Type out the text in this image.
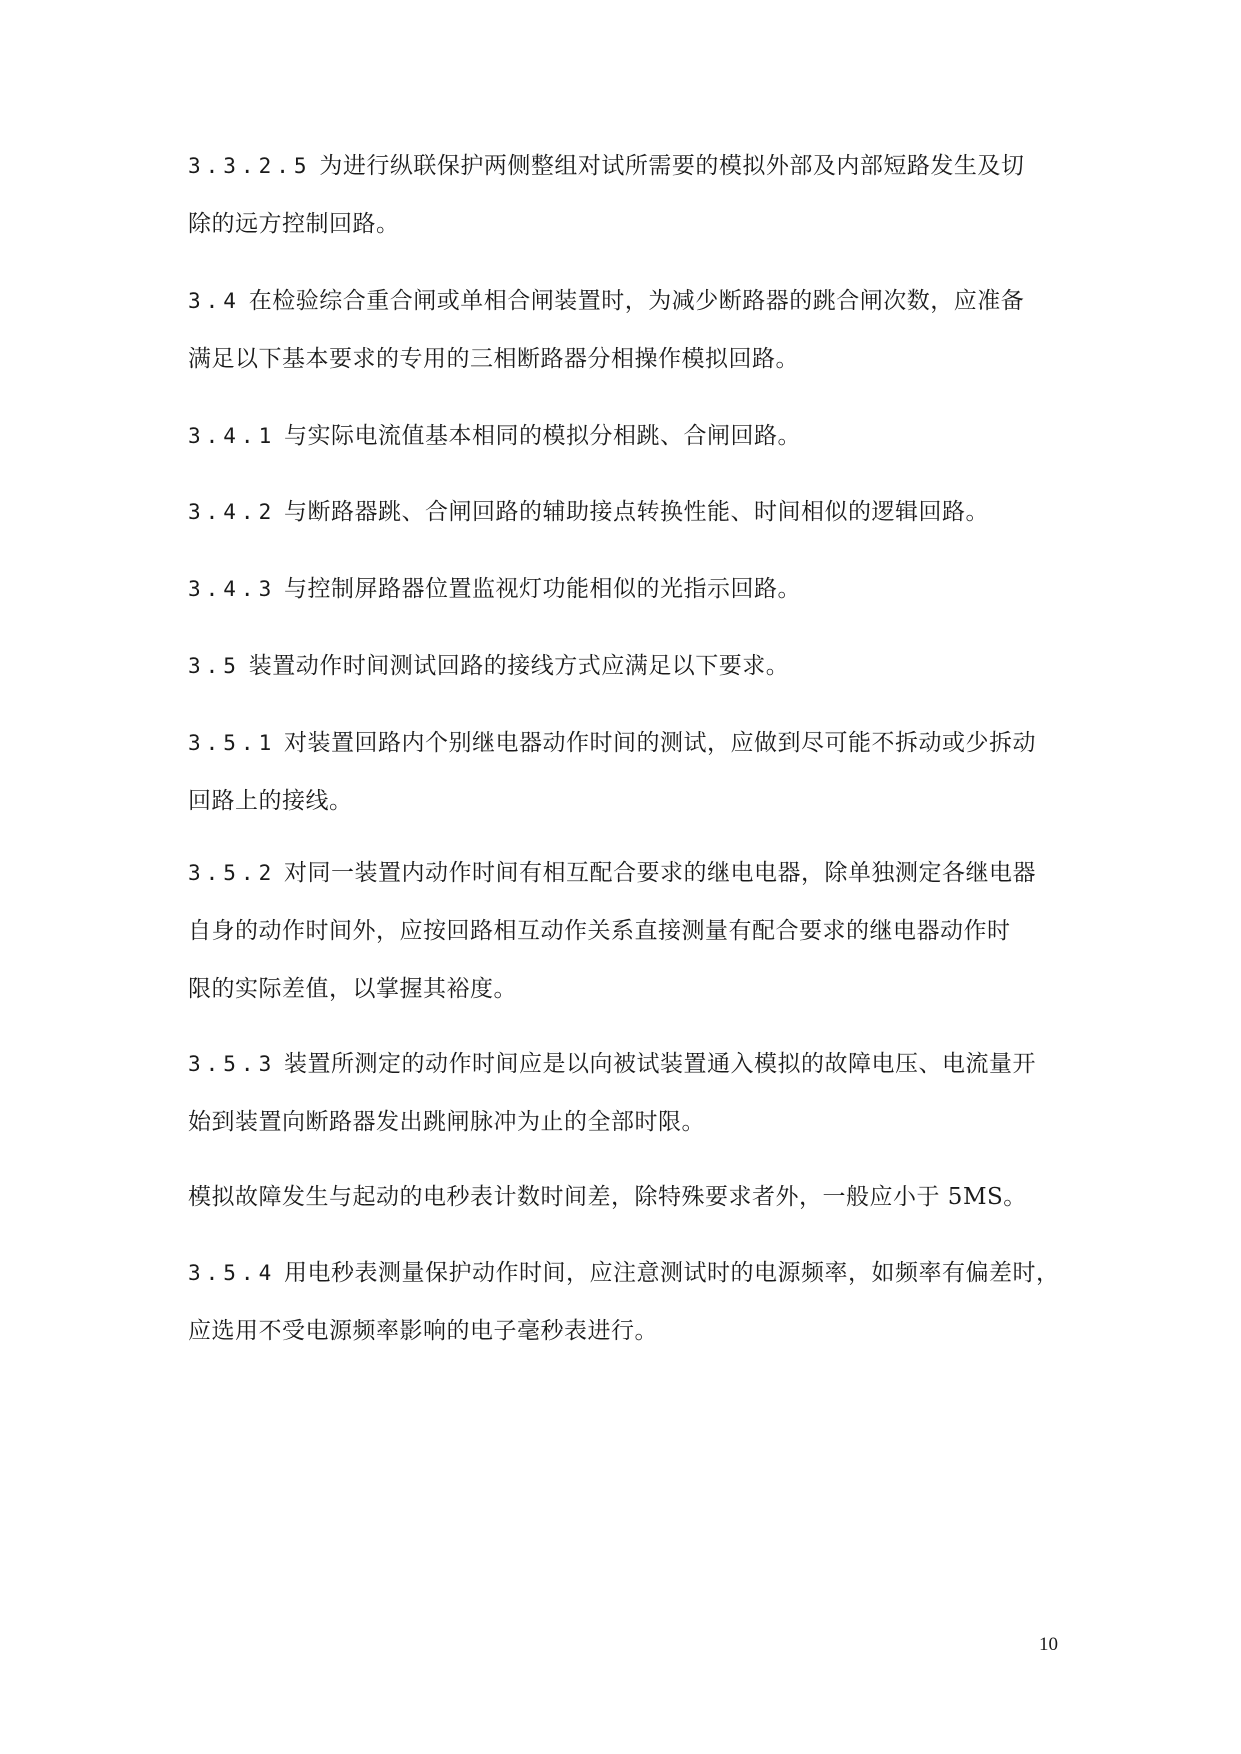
3.3.2.5 为进行纵联保护两侧整组对试所需要的模拟外部及内部短路发生及切
除的远方控制回路。
3.4 在检验综合重合闸或单相合闸装置时，为减少断路器的跳合闸次数，应准备
满足以下基本要求的专用的三相断路器分相操作模拟回路。
3.4.1 与实际电流值基本相同的模拟分相跳、合闸回路。
3.4.2 与断路器跳、合闸回路的辅助接点转换性能、时间相似的逻辑回路。
3.4.3 与控制屏路器位置监视灯功能相似的光指示回路。
3.5 装置动作时间测试回路的接线方式应满足以下要求。
3.5.1 对装置回路内个别继电器动作时间的测试，应做到尽可能不拆动或少拆动
回路上的接线。
3.5.2 对同一装置内动作时间有相互配合要求的继电电器，除单独测定各继电器
自身的动作时间外，应按回路相互动作关系直接测量有配合要求的继电器动作时
限的实际差值，以掌握其裕度。
3.5.3 装置所测定的动作时间应是以向被试装置通入模拟的故障电压、电流量开
始到装置向断路器发出跳闸脉冲为止的全部时限。
模拟故障发生与起动的电秒表计数时间差，除特殊要求者外，一般应小于 5MS。
3.5.4 用电秒表测量保护动作时间，应注意测试时的电源频率，如频率有偏差时，
应选用不受电源频率影响的电子毫秒表进行。
10
